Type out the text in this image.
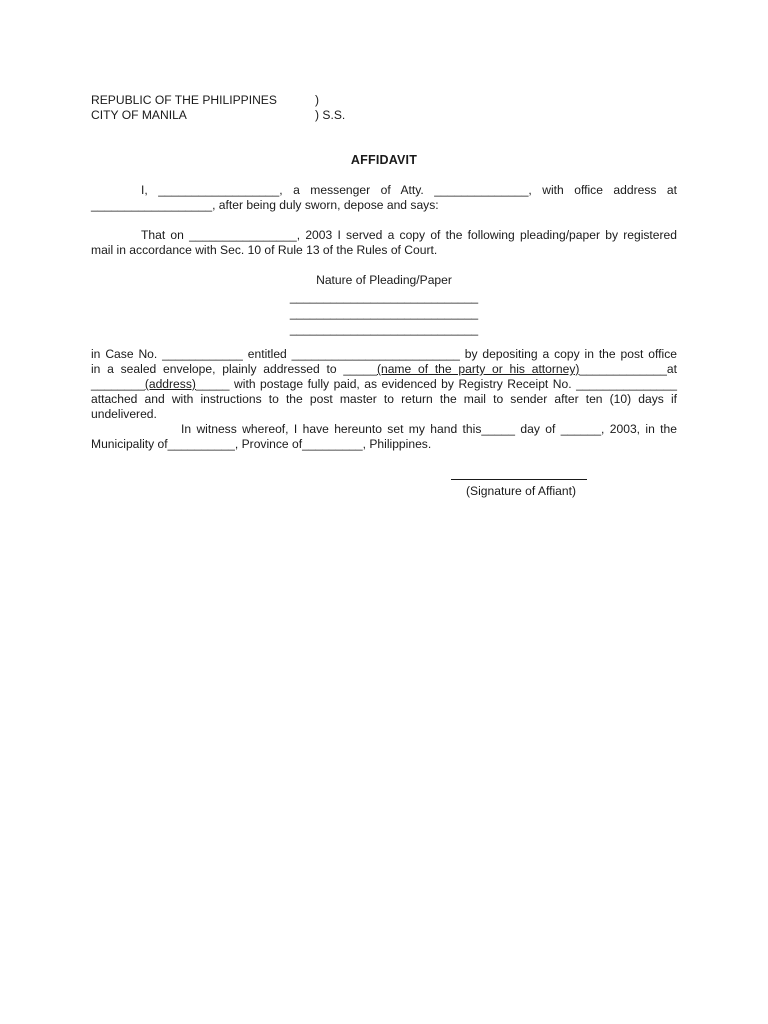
REPUBLIC OF THE PHILIPPINES	)
CITY OF MANILA	) S.S.
AFFIDAVIT
I, __________________, a messenger of Atty. ______________, with office address at __________________, after being duly sworn, depose and says:
That on ________________, 2003 I served a copy of the following pleading/paper by registered mail in accordance with Sec. 10 of Rule 13 of the Rules of Court.
Nature of Pleading/Paper
____________________________
____________________________
____________________________
in Case No. ____________ entitled _________________________ by depositing a copy in the post office
in a sealed envelope, plainly addressed to _____(name of the party or his attorney)_____________at
________(address)_____ with postage fully paid, as evidenced by Registry Receipt No. _______________
attached and with instructions to the post master to return the mail to sender after ten (10) days if undelivered.
In witness whereof, I have hereunto set my hand this_____ day of ______, 2003, in the Municipality of__________, Province of_________, Philippines.
(Signature of Affiant)
